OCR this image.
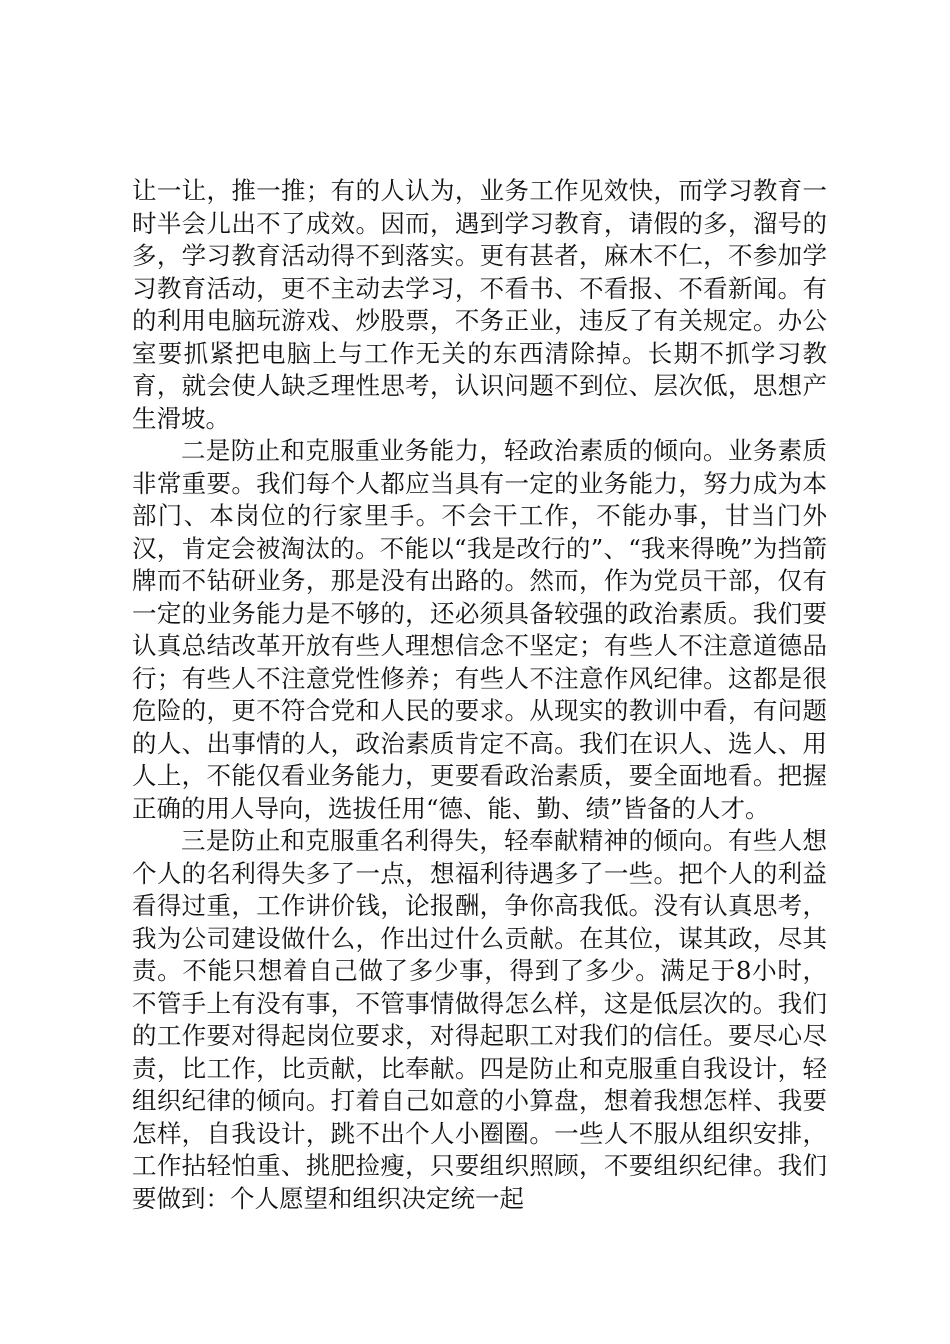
让一让，推一推；有的人认为，业务工作见效快，而学习教育一时半会儿出不了成效。因而，遇到学习教育，请假的多，溜号的多，学习教育活动得不到落实。更有甚者，麻木不仁，不参加学习教育活动，更不主动去学习，不看书、不看报、不看新闻。有的利用电脑玩游戏、炒股票，不务正业，违反了有关规定。办公室要抓紧把电脑上与工作无关的东西清除掉。长期不抓学习教育，就会使人缺乏理性思考，认识问题不到位、层次低，思想产生滑坡。

二是防止和克服重业务能力，轻政治素质的倾向。业务素质非常重要。我们每个人都应当具有一定的业务能力，努力成为本部门、本岗位的行家里手。不会干工作，不能办事，甘当门外汉，肯定会被淘汰的。不能以“我是改行的”、“我来得晚”为挡箭牌而不钻研业务，那是没有出路的。然而，作为党员干部，仅有一定的业务能力是不够的，还必须具备较强的政治素质。我们要认真总结改革开放有些人理想信念不坚定；有些人不注意道德品行；有些人不注意党性修养；有些人不注意作风纪律。这都是很危险的，更不符合党和人民的要求。从现实的教训中看，有问题的人、出事情的人，政治素质肯定不高。我们在识人、选人、用人上，不能仅看业务能力，更要看政治素质，要全面地看。把握正确的用人导向，选拔任用“德、能、勤、绩”皆备的人才。

三是防止和克服重名利得失，轻奉献精神的倾向。有些人想个人的名利得失多了一点，想福利待遇多了一些。把个人的利益看得过重，工作讲价钱，论报酬，争你高我低。没有认真思考，我为公司建设做什么，作出过什么贡献。在其位，谋其政，尽其责。不能只想着自己做了多少事，得到了多少。满足于8小时，不管手上有没有事，不管事情做得怎么样，这是低层次的。我们的工作要对得起岗位要求，对得起职工对我们的信任。要尽心尽责，比工作，比贡献，比奉献。四是防止和克服重自我设计，轻组织纪律的倾向。打着自己如意的小算盘，想着我想怎样、我要怎样，自我设计，跳不出个人小圈圈。一些人不服从组织安排，工作拈轻怕重、挑肥捡瘦，只要组织照顾，不要组织纪律。我们要做到：个人愿望和组织决定统一起
